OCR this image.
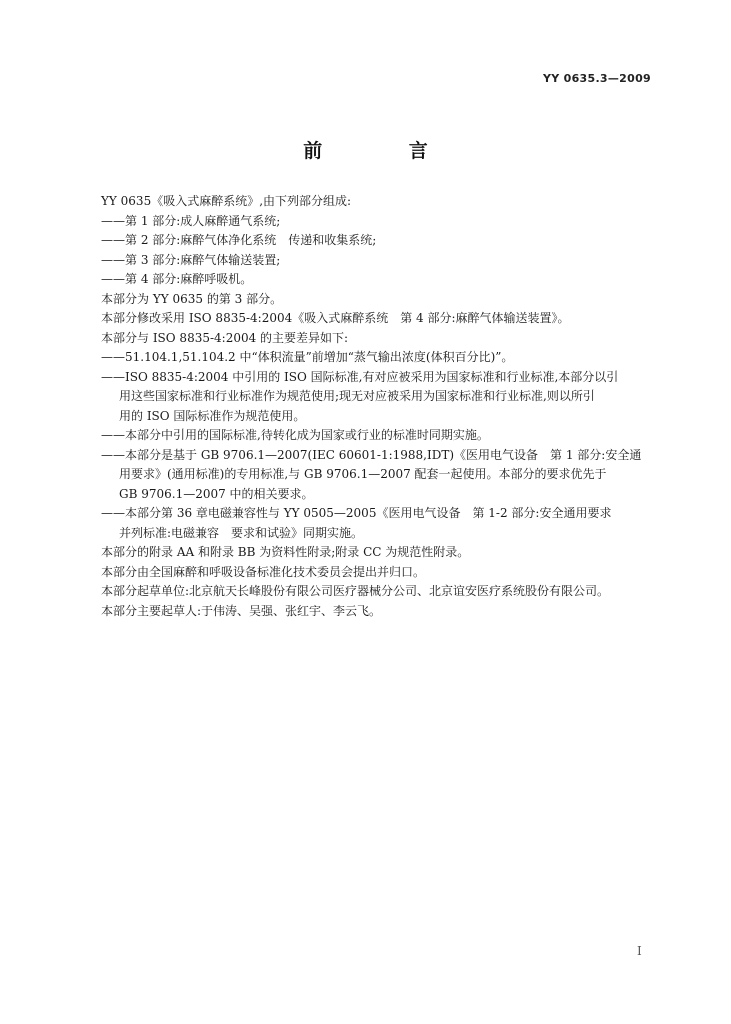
YY 0635.3—2009
前 言
YY 0635《吸入式麻醉系统》,由下列部分组成:
——第 1 部分:成人麻醉通气系统;
——第 2 部分:麻醉气体净化系统　传递和收集系统;
——第 3 部分:麻醉气体输送装置;
——第 4 部分:麻醉呼吸机。
本部分为 YY 0635 的第 3 部分。
本部分修改采用 ISO 8835-4:2004《吸入式麻醉系统　第 4 部分:麻醉气体输送装置》。
本部分与 ISO 8835-4:2004 的主要差异如下:
——51.104.1,51.104.2 中“体积流量”前增加“蒸气输出浓度(体积百分比)”。
——ISO 8835-4:2004 中引用的 ISO 国际标准,有对应被采用为国家标准和行业标准,本部分以引
用这些国家标准和行业标准作为规范使用;现无对应被采用为国家标准和行业标准,则以所引
用的 ISO 国际标准作为规范使用。
——本部分中引用的国际标准,待转化成为国家或行业的标准时同期实施。
——本部分是基于 GB 9706.1—2007(IEC 60601-1:1988,IDT)《医用电气设备　第 1 部分:安全通
用要求》(通用标准)的专用标准,与 GB 9706.1—2007 配套一起使用。本部分的要求优先于
GB 9706.1—2007 中的相关要求。
——本部分第 36 章电磁兼容性与 YY 0505—2005《医用电气设备　第 1-2 部分:安全通用要求
并列标准:电磁兼容　要求和试验》同期实施。
本部分的附录 AA 和附录 BB 为资料性附录;附录 CC 为规范性附录。
本部分由全国麻醉和呼吸设备标准化技术委员会提出并归口。
本部分起草单位:北京航天长峰股份有限公司医疗器械分公司、北京谊安医疗系统股份有限公司。
本部分主要起草人:于伟涛、吴强、张红宇、李云飞。
I
